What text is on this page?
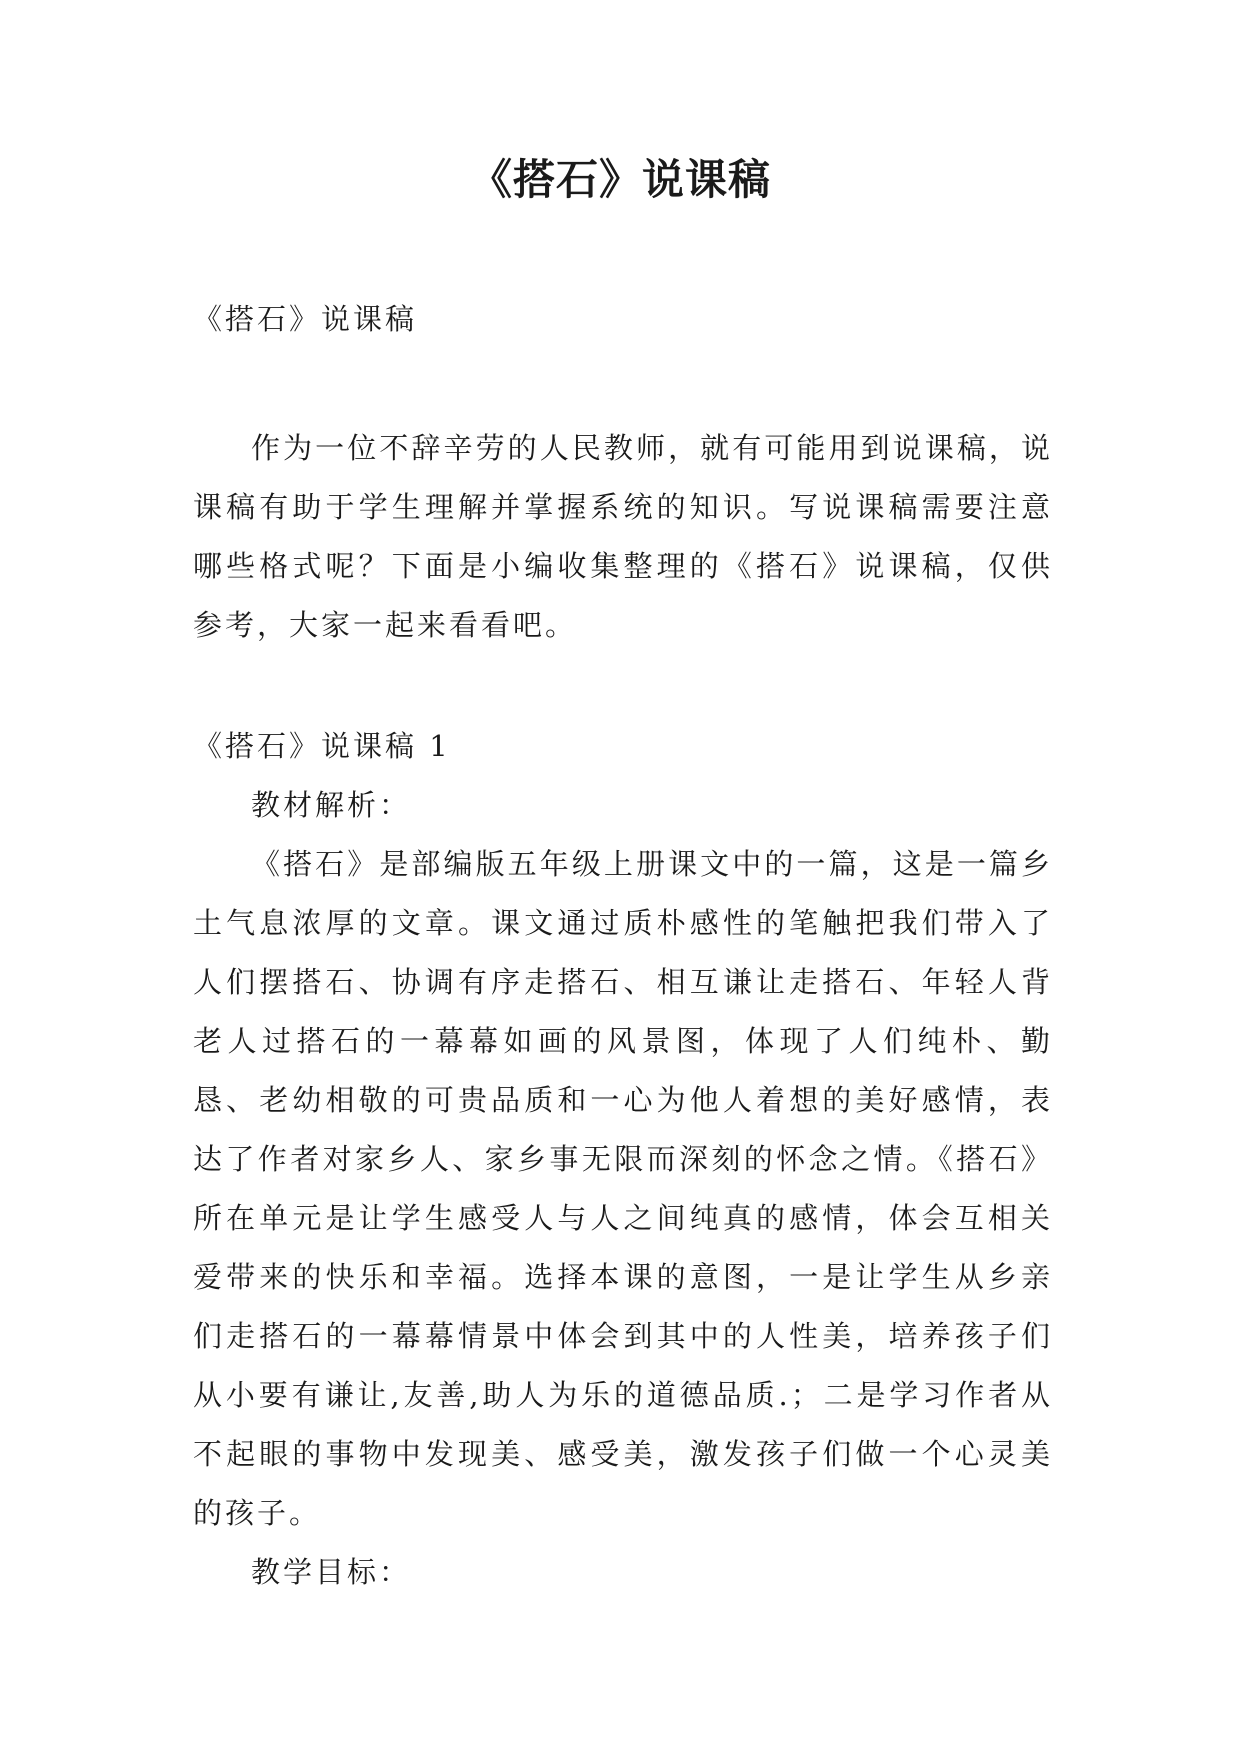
《搭石》说课稿

《搭石》说课稿

作为一位不辞辛劳的人民教师，就有可能用到说课稿，说课稿有助于学生理解并掌握系统的知识。写说课稿需要注意哪些格式呢？下面是小编收集整理的《搭石》说课稿，仅供参考，大家一起来看看吧。

《搭石》说课稿 1

教材解析：

《搭石》是部编版五年级上册课文中的一篇，这是一篇乡土气息浓厚的文章。课文通过质朴感性的笔触把我们带入了人们摆搭石、协调有序走搭石、相互谦让走搭石、年轻人背老人过搭石的一幕幕如画的风景图，体现了人们纯朴、勤恳、老幼相敬的可贵品质和一心为他人着想的美好感情，表达了作者对家乡人、家乡事无限而深刻的怀念之情。《搭石》所在单元是让学生感受人与人之间纯真的感情，体会互相关爱带来的快乐和幸福。选择本课的意图，一是让学生从乡亲们走搭石的一幕幕情景中体会到其中的人性美，培养孩子们从小要有谦让,友善,助人为乐的道德品质.；二是学习作者从不起眼的事物中发现美、感受美，激发孩子们做一个心灵美的孩子。

教学目标：
